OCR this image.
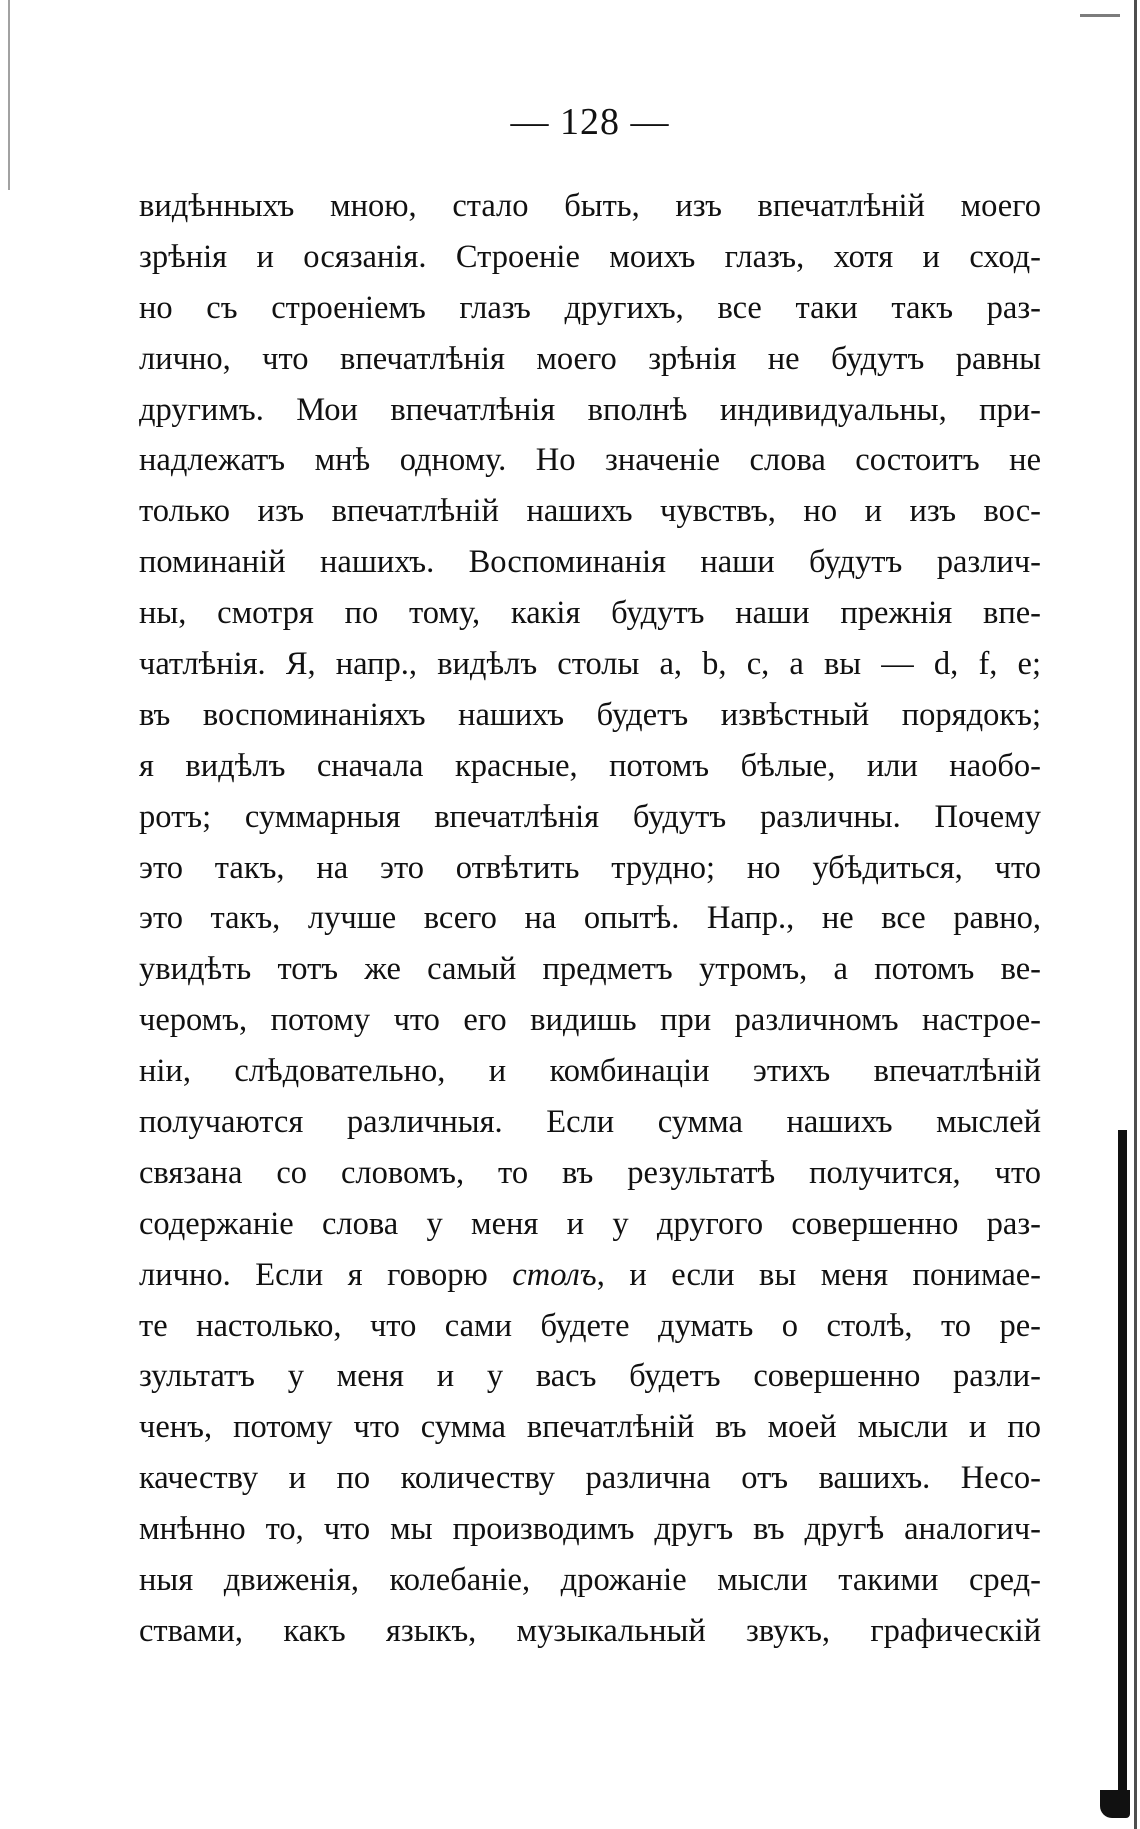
— 128 —
видѣнныхъ мною, стало быть, изъ впечатлѣній моего
зрѣнія и осязанія. Строеніе моихъ глазъ, хотя и сход-
но съ строеніемъ глазъ другихъ, все таки такъ раз-
лично, что впечатлѣнія моего зрѣнія не будутъ равны
другимъ. Мои впечатлѣнія вполнѣ индивидуальны, при-
надлежатъ мнѣ одному. Но значеніе слова состоитъ не
только изъ впечатлѣній нашихъ чувствъ, но и изъ вос-
поминаній нашихъ. Воспоминанія наши будутъ различ-
ны, смотря по тому, какія будутъ наши прежнія впе-
чатлѣнія. Я, напр., видѣлъ столы a, b, c, а вы — d, f, e;
въ воспоминаніяхъ нашихъ будетъ извѣстный порядокъ;
я видѣлъ сначала красные, потомъ бѣлые, или наобо-
ротъ; суммарныя впечатлѣнія будутъ различны. Почему
это такъ, на это отвѣтить трудно; но убѣдиться, что
это такъ, лучше всего на опытѣ. Напр., не все равно,
увидѣть тотъ же самый предметъ утромъ, а потомъ ве-
черомъ, потому что его видишь при различномъ настрое-
ніи, слѣдовательно, и комбинаціи этихъ впечатлѣній
получаются различныя. Если сумма нашихъ мыслей
связана со словомъ, то въ результатѣ получится, что
содержаніе слова у меня и у другого совершенно раз-
лично. Если я говорю столъ, и если вы меня понимае-
те настолько, что сами будете думать о столѣ, то ре-
зультатъ у меня и у васъ будетъ совершенно разли-
ченъ, потому что сумма впечатлѣній въ моей мысли и по
качеству и по количеству различна отъ вашихъ. Несо-
мнѣнно то, что мы производимъ другъ въ другѣ аналогич-
ныя движенія, колебаніе, дрожаніе мысли такими сред-
ствами, какъ языкъ, музыкальный звукъ, графическій
